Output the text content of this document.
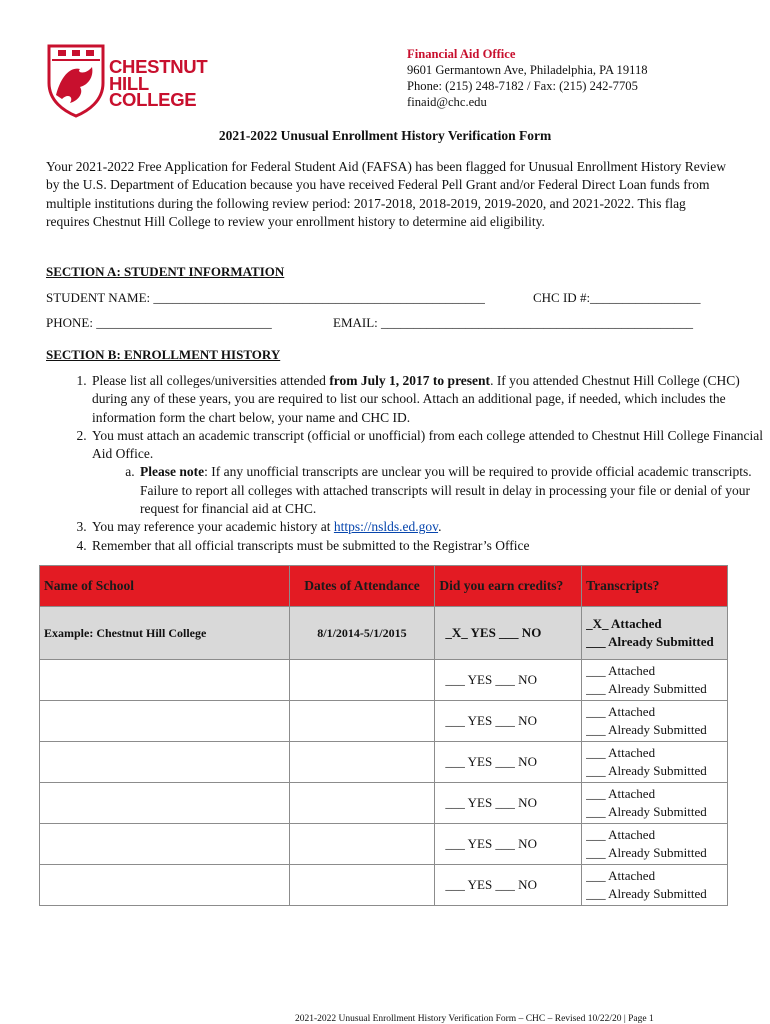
CHESTNUT
HILL
COLLEGE
Financial Aid Office
9601 Germantown Ave, Philadelphia, PA 19118
Phone: (215) 248-7182 / Fax: (215) 242-7705
finaid@chc.edu
2021-2022 Unusual Enrollment History Verification Form
Your 2021-2022 Free Application for Federal Student Aid (FAFSA) has been flagged for Unusual Enrollment History Review by the U.S. Department of Education because you have received Federal Pell Grant and/or Federal Direct Loan funds from multiple institutions during the following review period: 2017-2018, 2018-2019, 2019-2020, and 2021-2022. This flag requires Chestnut Hill College to review your enrollment history to determine aid eligibility.
SECTION A: STUDENT INFORMATION
STUDENT NAME: ___________________________________________________	CHC ID #:_________________
PHONE: ___________________________	EMAIL: ________________________________________________
SECTION B: ENROLLMENT HISTORY
1. Please list all colleges/universities attended from July 1, 2017 to present. If you attended Chestnut Hill College (CHC) during any of these years, you are required to list our school. Attach an additional page, if needed, which includes the information form the chart below, your name and CHC ID.
2. You must attach an academic transcript (official or unofficial) from each college attended to Chestnut Hill College Financial Aid Office.
a. Please note: If any unofficial transcripts are unclear you will be required to provide official academic transcripts. Failure to report all colleges with attached transcripts will result in delay in processing your file or denial of your request for financial aid at CHC.
3. You may reference your academic history at https://nslds.ed.gov.
4. Remember that all official transcripts must be submitted to the Registrar’s Office
Name of School	Dates of Attendance	Did you earn credits?	Transcripts?
Example: Chestnut Hill College	8/1/2014-5/1/2015	_X_ YES ___ NO	_X_ Attached
___ Already Submitted

		___ YES ___ NO	___ Attached
___ Already Submitted

		___ YES ___ NO	___ Attached
___ Already Submitted

		___ YES ___ NO	___ Attached
___ Already Submitted

		___ YES ___ NO	___ Attached
___ Already Submitted

		___ YES ___ NO	___ Attached
___ Already Submitted

		___ YES ___ NO	___ Attached
___ Already Submitted
2021-2022 Unusual Enrollment History Verification Form – CHC – Revised 10/22/20 | Page 1
